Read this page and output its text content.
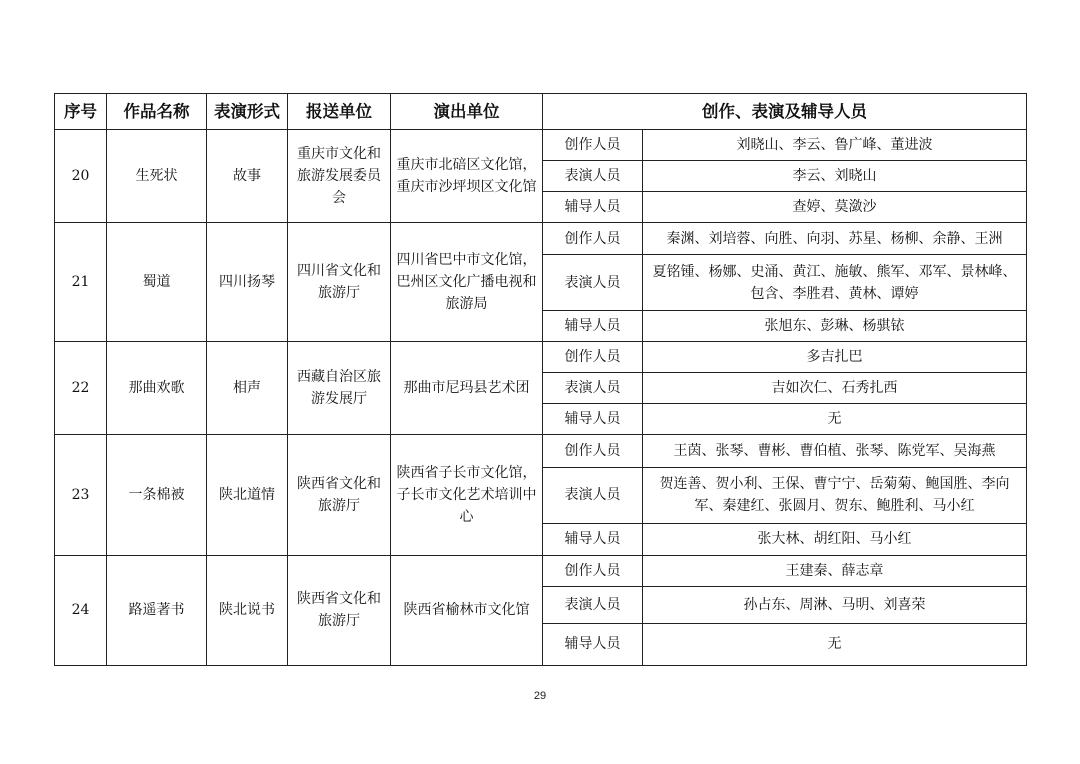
序号	作品名称	表演形式	报送单位	演出单位	创作、表演及辅导人员	
20	生死状	故事	重庆市文化和旅游发展委员会	重庆市北碚区文化馆，重庆市沙坪坝区文化馆	创作人员	刘晓山、李云、鲁广峰、董进波
					表演人员	李云、刘晓山
					辅导人员	查婷、莫潋沙
21	蜀道	四川扬琴	四川省文化和旅游厅	四川省巴中市文化馆，巴州区文化广播电视和旅游局	创作人员	秦渊、刘培蓉、向胜、向羽、苏星、杨柳、余静、王洲
					表演人员	夏铭锺、杨娜、史涌、黄江、施敏、熊军、邓军、景林峰、包含、李胜君、黄林、谭婷
					辅导人员	张旭东、彭琳、杨骐铱
22	那曲欢歌	相声	西藏自治区旅游发展厅	那曲市尼玛县艺术团	创作人员	多吉扎巴
					表演人员	吉如次仁、石秀扎西
					辅导人员	无
23	一条棉被	陕北道情	陕西省文化和旅游厅	陕西省子长市文化馆，子长市文化艺术培训中心	创作人员	王茵、张琴、曹彬、曹伯植、张琴、陈党军、吴海燕
					表演人员	贺连善、贺小利、王保、曹宁宁、岳菊菊、鲍国胜、李向军、秦建红、张圆月、贺东、鲍胜利、马小红
					辅导人员	张大林、胡红阳、马小红
24	路遥著书	陕北说书	陕西省文化和旅游厅	陕西省榆林市文化馆	创作人员	王建秦、薛志章
					表演人员	孙占东、周淋、马明、刘喜荣
					辅导人员	无
29
